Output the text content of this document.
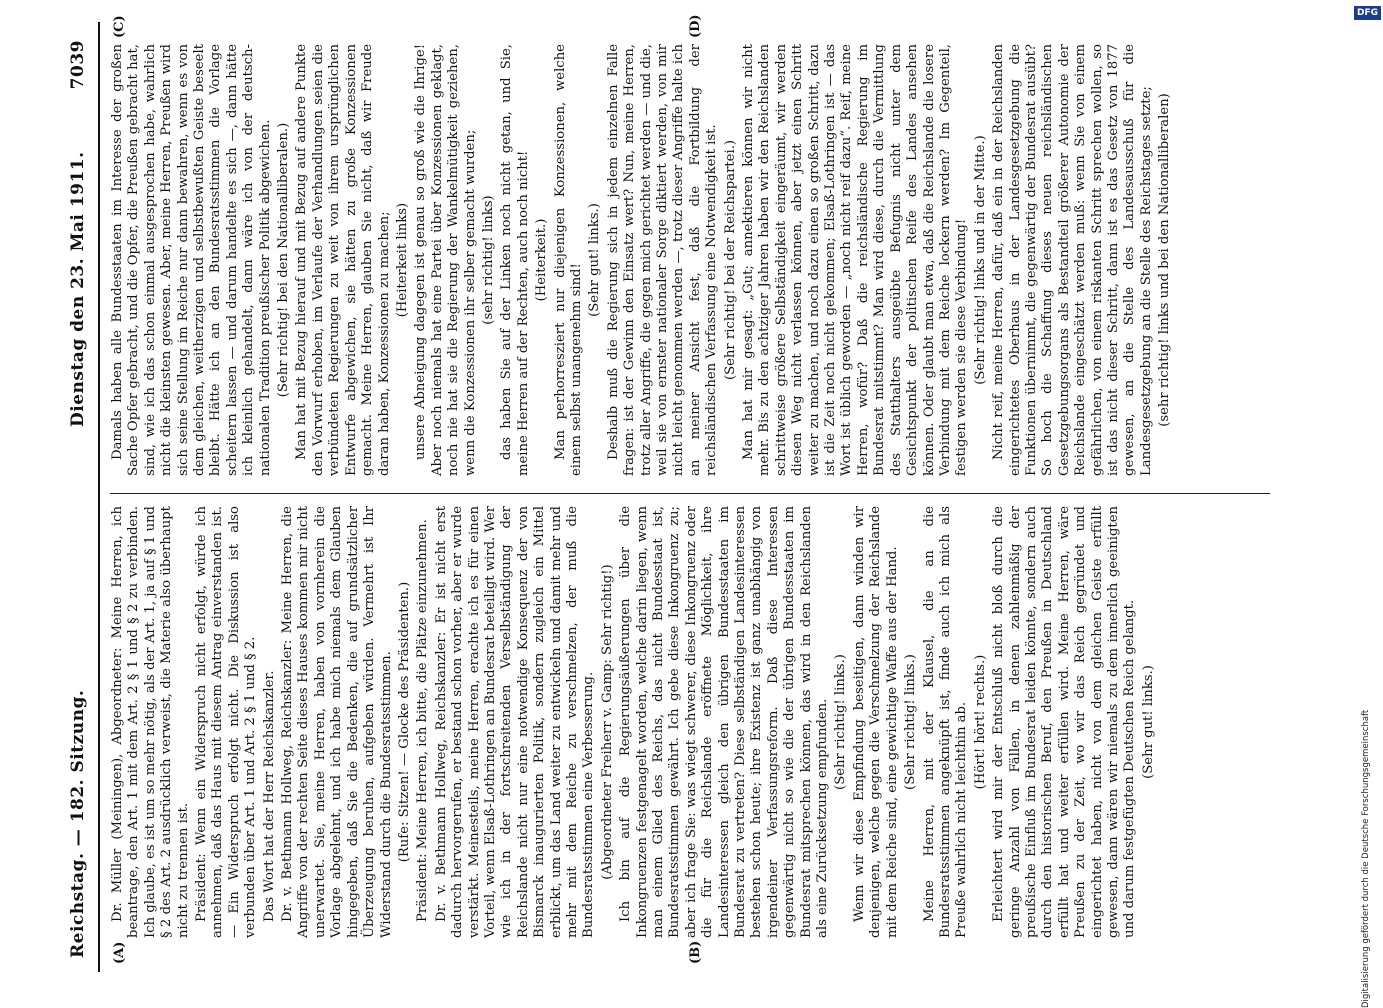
Reichstag. — 182. Sitzung.
Dienstag den 23. Mai 1911.
7039
(A)	(B)
(C)	(D)

Dr. Müller (Meiningen), Abgeordneter: Meine Herren, ich beantrage, den Art. 1 mit dem Art. 2 § 1 und § 2 zu verbinden. Ich glaube, es ist um so mehr nötig, als der Art. 1, ja auf § 1 und § 2 des Art. 2 ausdrücklich verweist, die Materie also überhaupt nicht zu trennen ist. Präsident: Wenn ein Widerspruch nicht erfolgt, würde ich annehmen, daß das Haus mit diesem Antrag einverstanden ist. — Ein Widerspruch erfolgt nicht. Die Diskussion ist also verbunden über Art. 1 und Art. 2 § 1 und § 2. Das Wort hat der Herr Reichskanzler. Dr. v. Bethmann Hollweg, Reichskanzler: Meine Herren, die Angriffe von der rechten Seite dieses Hauses kommen mir nicht unerwartet. Sie, meine Herren, haben von vornherein die Vorlage abgelehnt, und ich habe mich niemals dem Glauben hingegeben, daß Sie die Bedenken, die auf grundsätzlicher Überzeugung beruhen, aufgeben würden. Vermehrt ist Ihr Widerstand durch die Bundesratsstimmen. (Rufe: Sitzen! — Glocke des Präsidenten.) Präsident: Meine Herren, ich bitte, die Plätze einzunehmen. Dr. v. Bethmann Hollweg, Reichskanzler: Er ist nicht erst dadurch hervorgerufen, er bestand schon vorher, aber er wurde verstärkt. Meinesteils, meine Herren, erachte ich es für einen Vorteil, wenn Elsaß-Lothringen an Bundesrat beteiligt wird. Wer wie ich in der fortschreitenden Verselbständigung der Reichslande nicht nur eine notwendige Konsequenz der von Bismarck inaugurierten Politik, sondern zugleich ein Mittel erblickt, um das Land weiter zu entwickeln und damit mehr und mehr mit dem Reiche zu verschmelzen, der muß die Bundesratsstimmen eine Verbesserung. (Abgeordneter Freiherr v. Gamp: Sehr richtig!) Ich bin auf die Regierungsäußerungen über die Inkongruenzen festgenagelt worden, welche darin liegen, wenn man einem Glied des Reichs, das nicht Bundesstaat ist, Bundesratsstimmen gewährt. Ich gebe diese Inkongruenz zu; aber ich frage Sie: was wiegt schwerer, diese Inkongruenz oder die für die Reichslande eröffnete Möglichkeit, ihre Landesinteressen gleich den übrigen Bundesstaaten im Bundesrat zu vertreten? Diese selbständigen Landesinteressen bestehen schon heute; ihre Existenz ist ganz unabhängig von irgendeiner Verfassungsreform. Daß diese Interessen gegenwärtig nicht so wie die der übrigen Bundesstaaten im Bundesrat mitsprechen können, das wird in den Reichslanden als eine Zurücksetzung empfunden. (Sehr richtig! links.) Wenn wir diese Empfindung beseitigen, dann winden wir denjenigen, welche gegen die Verschmelzung der Reichslande mit dem Reiche sind, eine gewichtige Waffe aus der Hand. (Sehr richtig! links.) Meine Herren, mit der Klausel, die an die Bundesratsstimmen angeknüpft ist, finde auch ich mich als Preuße wahrlich nicht leichthin ab. (Hört! hört! rechts.) Erleichtert wird mir der Entschluß nicht bloß durch die geringe Anzahl von Fällen, in denen zahlenmäßig der preußische Einfluß im Bundesrat leiden könnte, sondern auch durch den historischen Beruf, den Preußen in Deutschland erfüllt hat und weiter erfüllen wird. Meine Herren, wäre Preußen zu der Zeit, wo wir das Reich gegründet und eingerichtet haben, nicht von dem gleichen Geiste erfüllt gewesen, dann wären wir niemals zu dem innerlich geeinigten und darum festgefügten Deutschen Reich gelangt. (Sehr gut! links.)

Damals haben alle Bundesstaaten im Interesse der großen Sache Opfer gebracht, und die Opfer, die Preußen gebracht hat, sind, wie ich das schon einmal ausgesprochen habe, wahrlich nicht die kleinsten gewesen. Aber, meine Herren, Preußen wird sich seine Stellung im Reiche nur dann bewahren, wenn es von dem gleichen, weitherzigen und selbstbewußten Geiste beseelt bleibt. Hätte ich an den Bundesratsstimmen die Vorlage scheitern lassen — und darum handelte es sich —, dann hätte ich kleinlich gehandelt, dann wäre ich von der deutsch-nationalen Tradition preußischer Politik abgewichen. (Sehr richtig! bei den Nationalliberalen.) Man hat mit Bezug hierauf und mit Bezug auf andere Punkte den Vorwurf erhoben, im Verlaufe der Verhandlungen seien die verbündeten Regierungen zu weit von ihrem ursprünglichen Entwurfe abgewichen, sie hätten zu große Konzessionen gemacht. Meine Herren, glauben Sie nicht, daß wir Freude daran haben, Konzessionen zu machen; (Heiterkeit links) unsere Abneigung dagegen ist genau so groß wie die Ihrige! Aber noch niemals hat eine Partei über Konzessionen geklagt, noch nie hat sie die Regierung der Wankelmütigkeit geziehen, wenn die Konzessionen ihr selber gemacht wurden; (sehr richtig! links) das haben Sie auf der Linken noch nicht getan, und Sie, meine Herren auf der Rechten, auch noch nicht! (Heiterkeit.) Man perhorresziert nur diejenigen Konzessionen, welche einem selbst unangenehm sind!

(Sehr gut! links.) Deshalb muß die Regierung sich in jedem einzelnen Falle fragen: ist der Gewinn den Einsatz wert? Nun, meine Herren, trotz aller Angriffe, die gegen mich gerichtet werden — und die, weil sie von ernster nationaler Sorge diktiert werden, von mir nicht leicht genommen werden —, trotz dieser Angriffe halte ich an meiner Ansicht fest, daß die Fortbildung der reichsländischen Verfassung eine Notwendigkeit ist. (Sehr richtig! bei der Reichspartei.) Man hat mir gesagt: „Gut; annektieren können wir nicht mehr. Bis zu den achtziger Jahren haben wir den Reichslanden schrittweise größere Selbständigkeit eingeräumt, wir werden diesen Weg nicht verlassen können, aber jetzt einen Schritt weiter zu machen, und noch dazu einen so großen Schritt, dazu ist die Zeit noch nicht gekommen; Elsaß-Lothringen ist — das Wort ist üblich geworden — „noch nicht reif dazu“. Reif, meine Herren, wofür? Daß die reichsländische Regierung im Bundesrat mitstimmt? Man wird diese, durch die Vermittlung des Statthalters ausgeübte Befugnis nicht unter dem Gesichtspunkt der politischen Reife des Landes ansehen können. Oder glaubt man etwa, daß die Reichslande die losere Verbindung mit dem Reiche lockern werden? Im Gegenteil, festigen werden sie diese Verbindung! (Sehr richtig! links und in der Mitte.) Nicht reif, meine Herren, dafür, daß ein in der Reichslanden eingerichtetes Oberhaus in der Landesgesetzgebung die Funktionen übernimmt, die gegenwärtig der Bundesrat ausübt? So hoch die Schaffung dieses neuen reichsländischen Gesetzgebungsorgans als Bestandteil größerer Autonomie der Reichslande eingeschätzt werden muß: wenn Sie von einem gefährlichen, von einem riskanten Schritt sprechen wollen, so ist das nicht dieser Schritt, dann ist es das Gesetz von 1877 gewesen, an die Stelle des Landesausschuß für die Landesgesetzgebung an die Stelle des Reichstages setzte; (sehr richtig! links und bei den Nationalliberalen)

DFG
Digitalisierung gefördert durch die Deutsche Forschungsgemeinschaft
